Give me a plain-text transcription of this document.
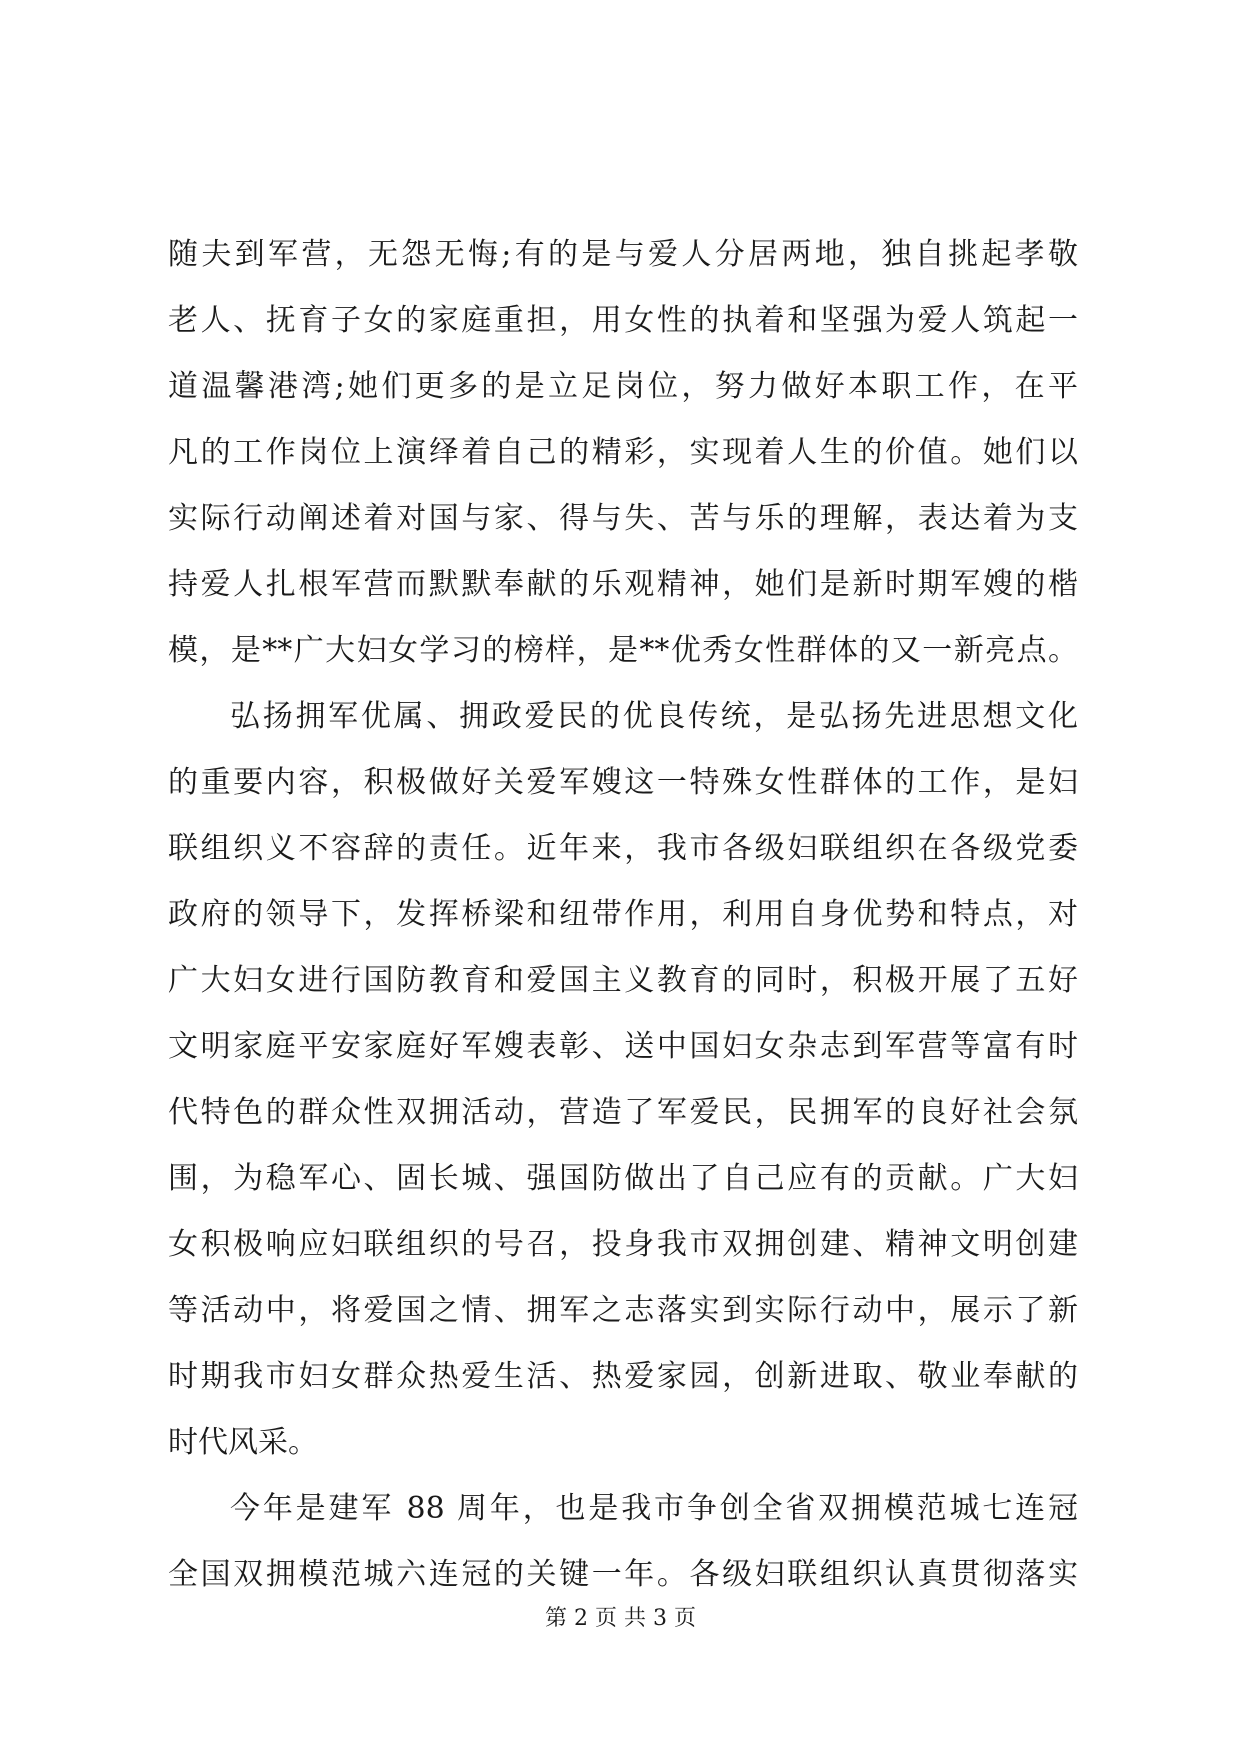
随夫到军营，无怨无悔;有的是与爱人分居两地，独自挑起孝敬
老人、抚育子女的家庭重担，用女性的执着和坚强为爱人筑起一
道温馨港湾;她们更多的是立足岗位，努力做好本职工作，在平
凡的工作岗位上演绎着自己的精彩，实现着人生的价值。她们以
实际行动阐述着对国与家、得与失、苦与乐的理解，表达着为支
持爱人扎根军营而默默奉献的乐观精神，她们是新时期军嫂的楷
模，是**广大妇女学习的榜样，是**优秀女性群体的又一新亮点。
弘扬拥军优属、拥政爱民的优良传统，是弘扬先进思想文化
的重要内容，积极做好关爱军嫂这一特殊女性群体的工作，是妇
联组织义不容辞的责任。近年来，我市各级妇联组织在各级党委
政府的领导下，发挥桥梁和纽带作用，利用自身优势和特点，对
广大妇女进行国防教育和爱国主义教育的同时，积极开展了五好
文明家庭平安家庭好军嫂表彰、送中国妇女杂志到军营等富有时
代特色的群众性双拥活动，营造了军爱民，民拥军的良好社会氛
围，为稳军心、固长城、强国防做出了自己应有的贡献。广大妇
女积极响应妇联组织的号召，投身我市双拥创建、精神文明创建
等活动中，将爱国之情、拥军之志落实到实际行动中，展示了新
时期我市妇女群众热爱生活、热爱家园，创新进取、敬业奉献的
时代风采。
今年是建军 88 周年，也是我市争创全省双拥模范城七连冠
全国双拥模范城六连冠的关键一年。各级妇联组织认真贯彻落实
第 2 页 共 3 页
